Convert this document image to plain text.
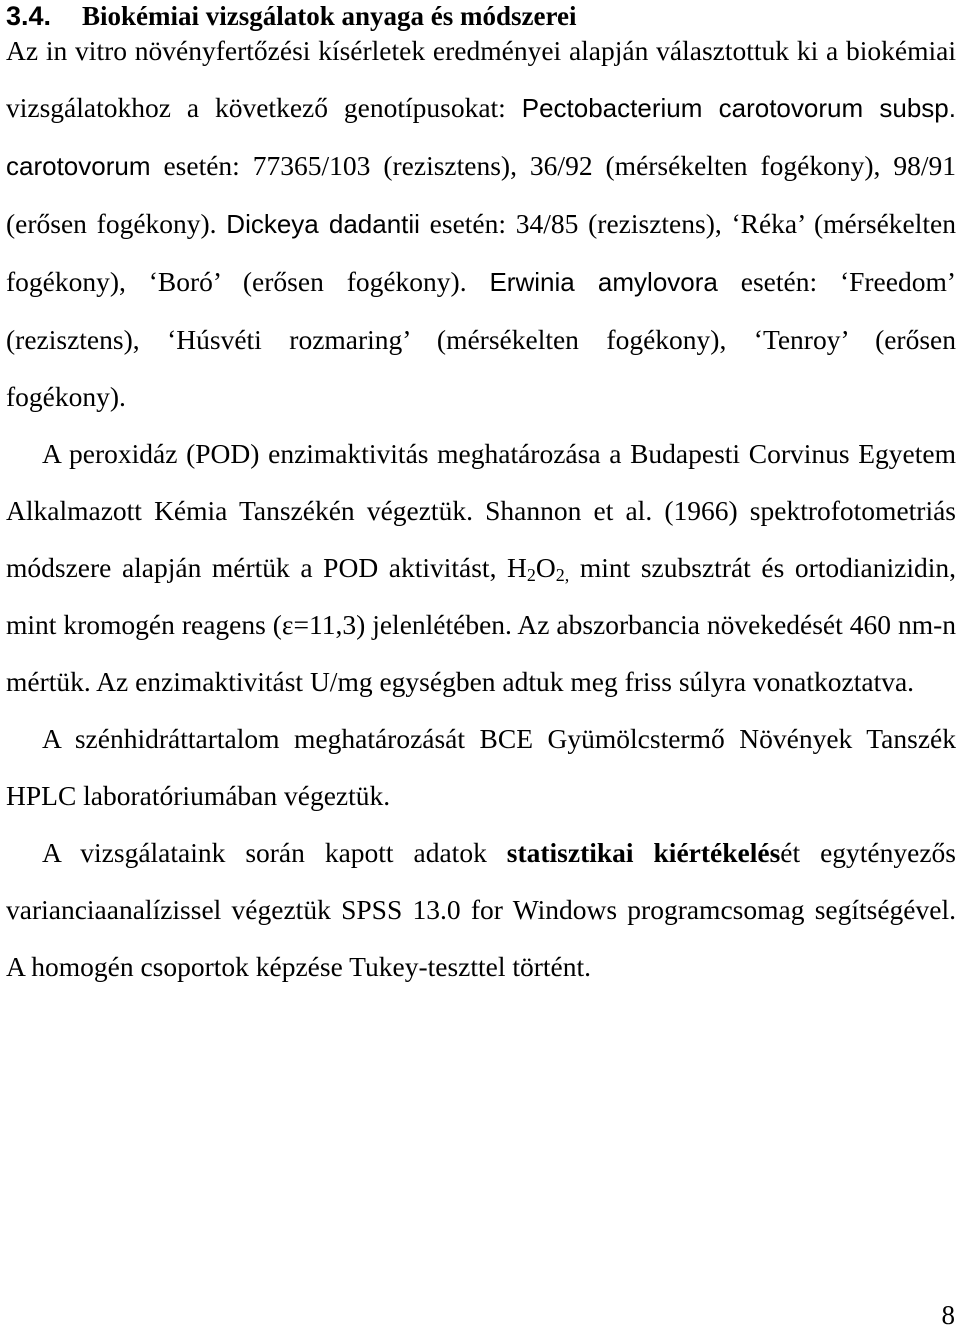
3.4. Biokémiai vizsgálatok anyaga és módszerei

Az in vitro növényfertőzési kísérletek eredményei alapján választottuk ki a biokémiai vizsgálatokhoz a következő genotípusokat: Pectobacterium carotovorum subsp. carotovorum esetén: 77365/103 (rezisztens), 36/92 (mérsékelten fogékony), 98/91 (erősen fogékony). Dickeya dadantii esetén: 34/85 (rezisztens), ‘Réka’ (mérsékelten fogékony), ‘Boró’ (erősen fogékony). Erwinia amylovora esetén: ‘Freedom’ (rezisztens), ‘Húsvéti rozmaring’ (mérsékelten fogékony), ‘Tenroy’ (erősen fogékony).

A peroxidáz (POD) enzimaktivitás meghatározása a Budapesti Corvinus Egyetem Alkalmazott Kémia Tanszékén végeztük. Shannon et al. (1966) spektrofotometriás módszere alapján mértük a POD aktivitást, $H_2O_{2,}$ mint szubsztrát és ortodianizidin, mint kromogén reagens (ε=11,3) jelenlétében. Az abszorbancia növekedését 460 nm-n mértük. Az enzimaktivitást U/mg egységben adtuk meg friss súlyra vonatkoztatva.

A szénhidráttartalom meghatározását BCE Gyümölcstermő Növények Tanszék HPLC laboratóriumában végeztük.

A vizsgálataink során kapott adatok statisztikai kiértékelését egytényezős varianciaanalízissel végeztük SPSS 13.0 for Windows programcsomag segítségével. A homogén csoportok képzése Tukey-teszttel történt.

8
